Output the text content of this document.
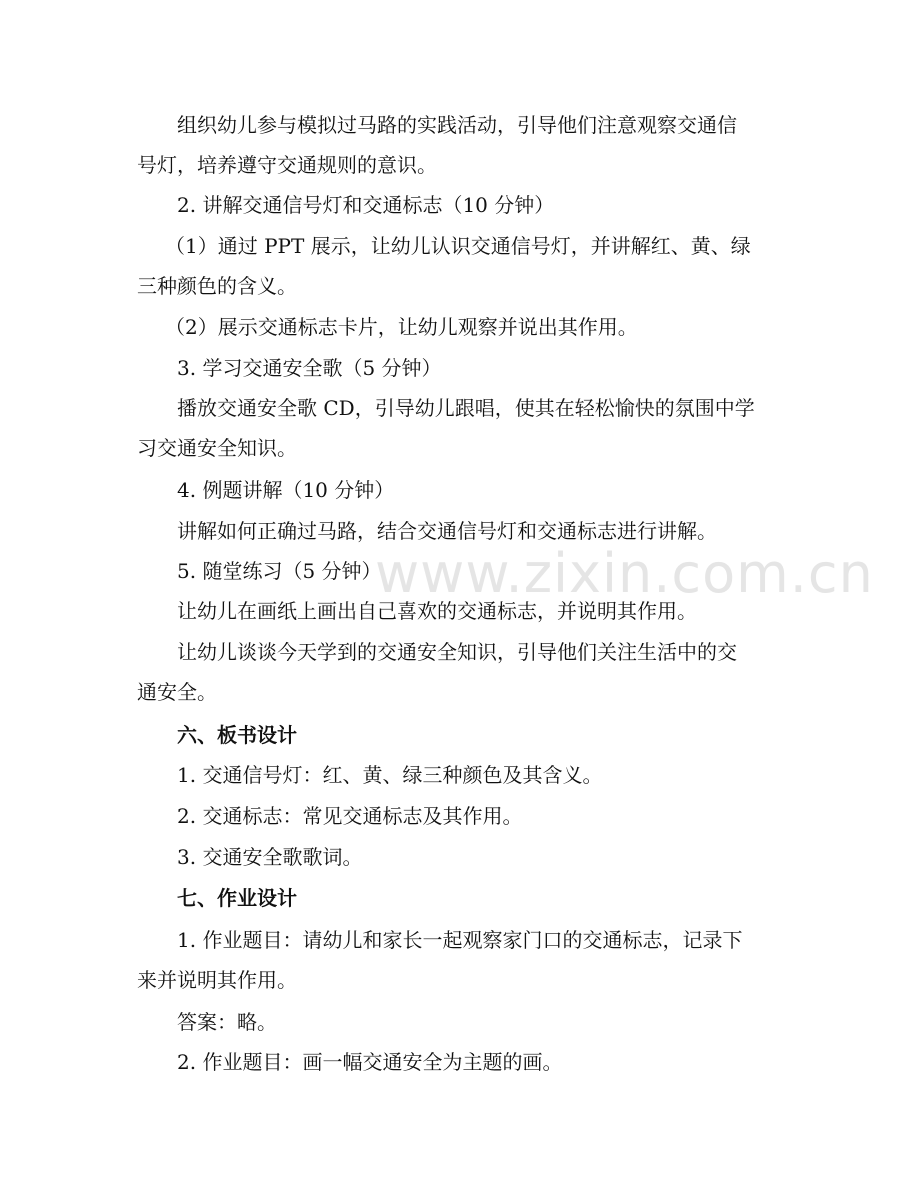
组织幼儿参与模拟过马路的实践活动，引导他们注意观察交通信
号灯，培养遵守交通规则的意识。
2. 讲解交通信号灯和交通标志（10 分钟）
（1）通过 PPT 展示，让幼儿认识交通信号灯，并讲解红、黄、绿
三种颜色的含义。
（2）展示交通标志卡片，让幼儿观察并说出其作用。
3. 学习交通安全歌（5 分钟）
播放交通安全歌 CD，引导幼儿跟唱，使其在轻松愉快的氛围中学
习交通安全知识。
4. 例题讲解（10 分钟）
讲解如何正确过马路，结合交通信号灯和交通标志进行讲解。
5. 随堂练习（5 分钟）
让幼儿在画纸上画出自己喜欢的交通标志，并说明其作用。
让幼儿谈谈今天学到的交通安全知识，引导他们关注生活中的交
通安全。
六、板书设计
1. 交通信号灯：红、黄、绿三种颜色及其含义。
2. 交通标志：常见交通标志及其作用。
3. 交通安全歌歌词。
七、作业设计
1. 作业题目：请幼儿和家长一起观察家门口的交通标志，记录下
来并说明其作用。
答案：略。
2. 作业题目：画一幅交通安全为主题的画。
www.zixin.com.cn
